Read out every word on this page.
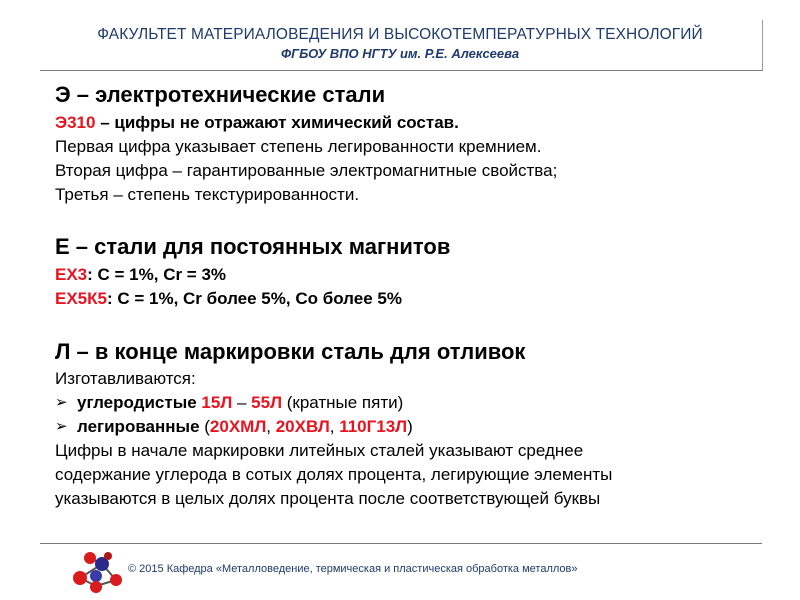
ФАКУЛЬТЕТ МАТЕРИАЛОВЕДЕНИЯ И ВЫСОКОТЕМПЕРАТУРНЫХ ТЕХНОЛОГИЙ
ФГБОУ ВПО НГТУ им. Р.Е. Алексеева
Э – электротехнические стали
Э310 – цифры не отражают химический состав.
Первая цифра указывает степень легированности кремнием.
Вторая цифра – гарантированные электромагнитные свойства;
Третья – степень текстурированности.
Е – стали для постоянных магнитов
ЕХ3: С = 1%, Cr = 3%
ЕХ5К5: С = 1%, Cr более 5%, Со более 5%
Л – в конце маркировки сталь для отливок
Изготавливаются:
➢ углеродистые 15Л – 55Л (кратные пяти)
➢ легированные (20ХМЛ, 20ХВЛ, 110Г13Л)
Цифры в начале маркировки литейных сталей указывают среднее
содержание углерода в сотых долях процента, легирующие элементы
указываются в целых долях процента после соответствующей буквы
© 2015 Кафедра «Металловедение, термическая и пластическая обработка металлов»
